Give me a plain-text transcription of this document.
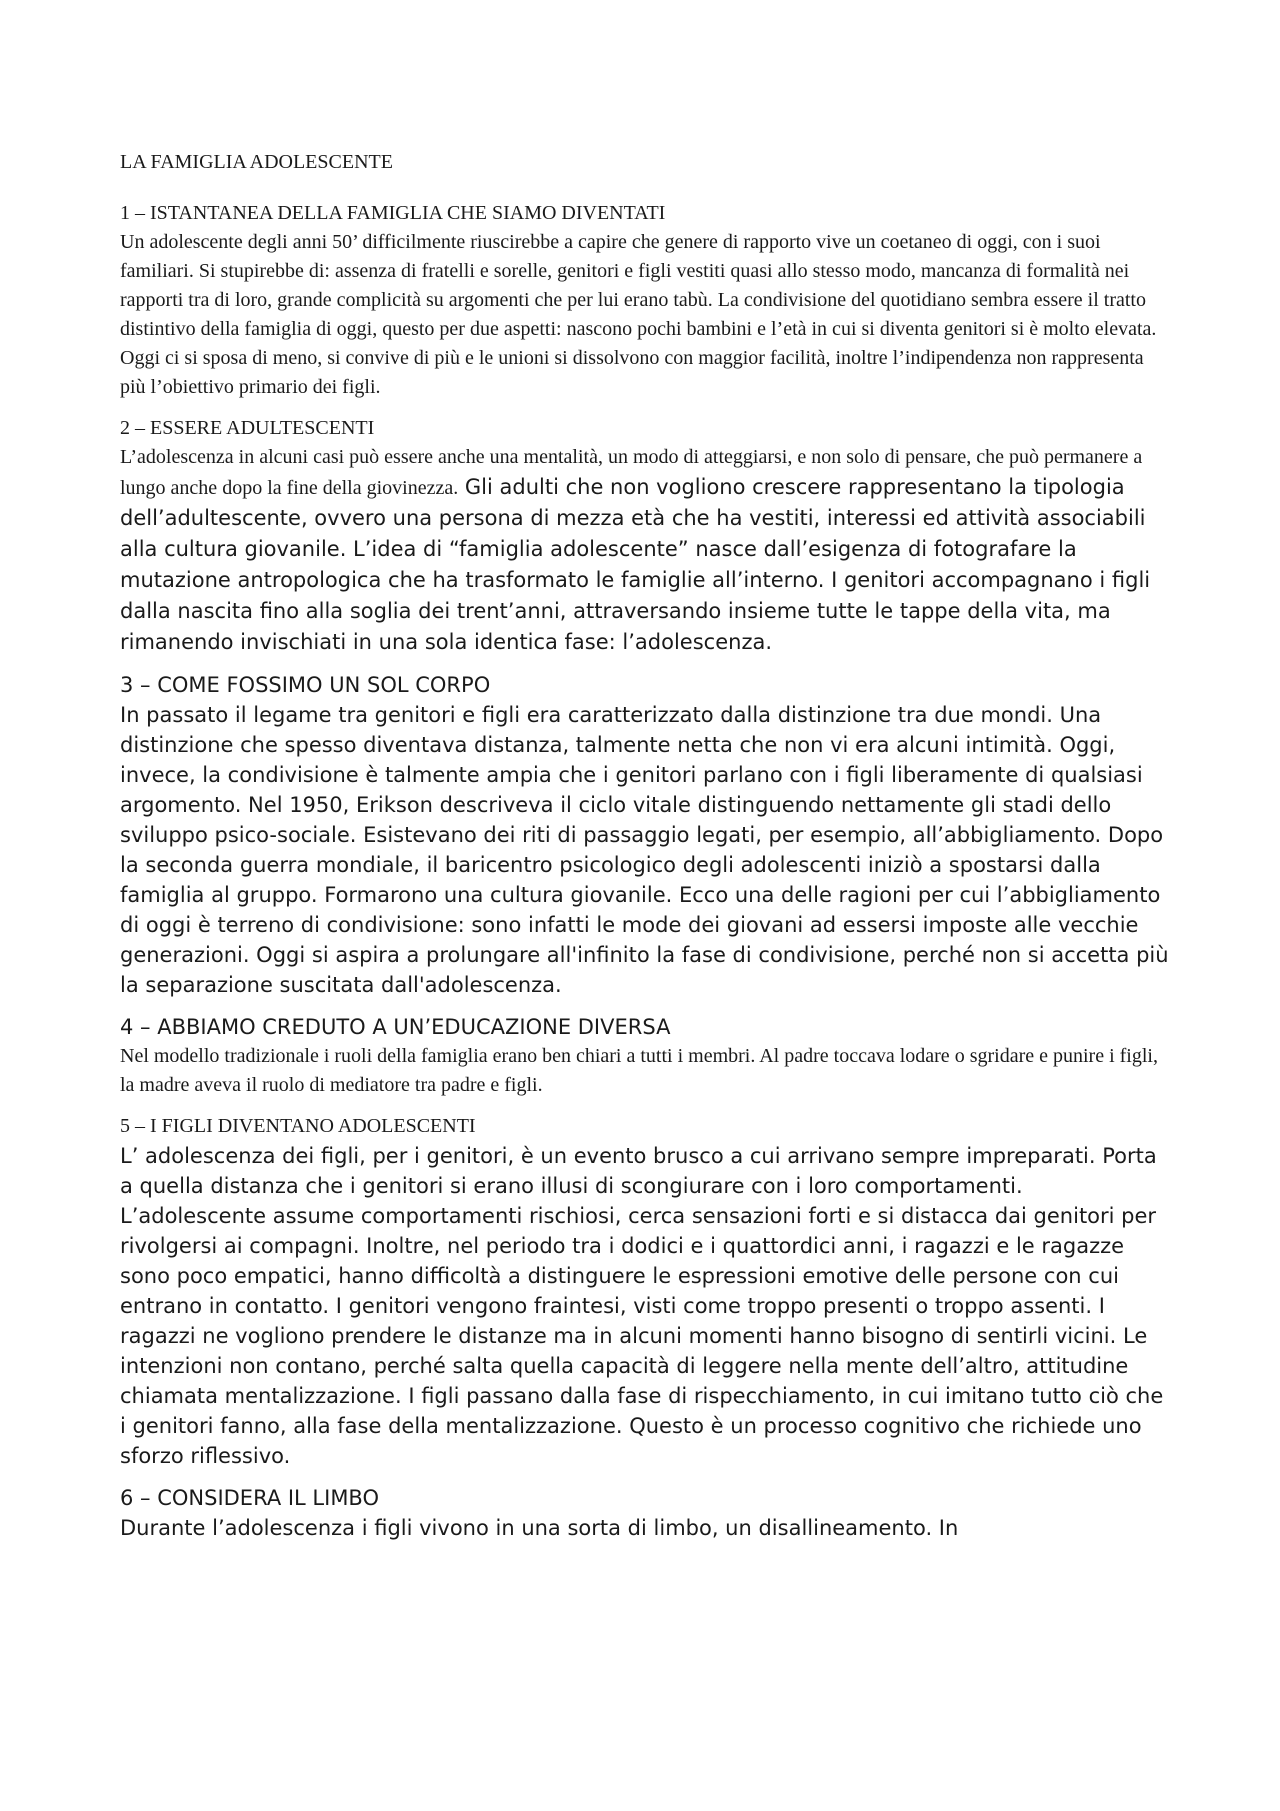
LA FAMIGLIA ADOLESCENTE
1 – ISTANTANEA DELLA FAMIGLIA CHE SIAMO DIVENTATI

Un adolescente degli anni 50’ difficilmente riuscirebbe a capire che genere di rapporto vive un coetaneo di oggi, con i suoi familiari. Si stupirebbe di: assenza di fratelli e sorelle, genitori e figli vestiti quasi allo stesso modo, mancanza di formalità nei rapporti tra di loro, grande complicità su argomenti che per lui erano tabù. La condivisione del quotidiano sembra essere il tratto distintivo della famiglia di oggi, questo per due aspetti: nascono pochi bambini e l’età in cui si diventa genitori si è molto elevata. Oggi ci si sposa di meno, si convive di più e le unioni si dissolvono con maggior facilità, inoltre l’indipendenza non rappresenta più l’obiettivo primario dei figli.

2 – ESSERE ADULTESCENTI

L’adolescenza in alcuni casi può essere anche una mentalità, un modo di atteggiarsi, e non solo di pensare, che può permanere a lungo anche dopo la fine della giovinezza. Gli adulti che non vogliono crescere rappresentano la tipologia dell’adultescente, ovvero una persona di mezza età che ha vestiti, interessi ed attività associabili alla cultura giovanile. L’idea di “famiglia adolescente” nasce dall’esigenza di fotografare la mutazione antropologica che ha trasformato le famiglie all’interno. I genitori accompagnano i figli dalla nascita fino alla soglia dei trent’anni, attraversando insieme tutte le tappe della vita, ma rimanendo invischiati in una sola identica fase: l’adolescenza.

3 – COME FOSSIMO UN SOL CORPO

In passato il legame tra genitori e figli era caratterizzato dalla distinzione tra due mondi. Una distinzione che spesso diventava distanza, talmente netta che non vi era alcuni intimità. Oggi, invece, la condivisione è talmente ampia che i genitori parlano con i figli liberamente di qualsiasi argomento. Nel 1950, Erikson descriveva il ciclo vitale distinguendo nettamente gli stadi dello sviluppo psico-sociale. Esistevano dei riti di passaggio legati, per esempio, all’abbigliamento. Dopo la seconda guerra mondiale, il baricentro psicologico degli adolescenti iniziò a spostarsi dalla famiglia al gruppo. Formarono una cultura giovanile. Ecco una delle ragioni per cui l’abbigliamento di oggi è terreno di condivisione: sono infatti le mode dei giovani ad essersi imposte alle vecchie generazioni. Oggi si aspira a prolungare all'infinito la fase di condivisione, perché non si accetta più la separazione suscitata dall'adolescenza.

4 – ABBIAMO CREDUTO A UN’EDUCAZIONE DIVERSA

Nel modello tradizionale i ruoli della famiglia erano ben chiari a tutti i membri. Al padre toccava lodare o sgridare e punire i figli, la madre aveva il ruolo di mediatore tra padre e figli.

5 – I FIGLI DIVENTANO ADOLESCENTI

L’ adolescenza dei figli, per i genitori, è un evento brusco a cui arrivano sempre impreparati. Porta a quella distanza che i genitori si erano illusi di scongiurare con i loro comportamenti. L’adolescente assume comportamenti rischiosi, cerca sensazioni forti e si distacca dai genitori per rivolgersi ai compagni. Inoltre, nel periodo tra i dodici e i quattordici anni, i ragazzi e le ragazze sono poco empatici, hanno difficoltà a distinguere le espressioni emotive delle persone con cui entrano in contatto. I genitori vengono fraintesi, visti come troppo presenti o troppo assenti. I ragazzi ne vogliono prendere le distanze ma in alcuni momenti hanno bisogno di sentirli vicini. Le intenzioni non contano, perché salta quella capacità di leggere nella mente dell’altro, attitudine chiamata mentalizzazione. I figli passano dalla fase di rispecchiamento, in cui imitano tutto ciò che i genitori fanno, alla fase della mentalizzazione. Questo è un processo cognitivo che richiede uno sforzo riflessivo.

6 – CONSIDERA IL LIMBO

Durante l’adolescenza i figli vivono in una sorta di limbo, un disallineamento. In
